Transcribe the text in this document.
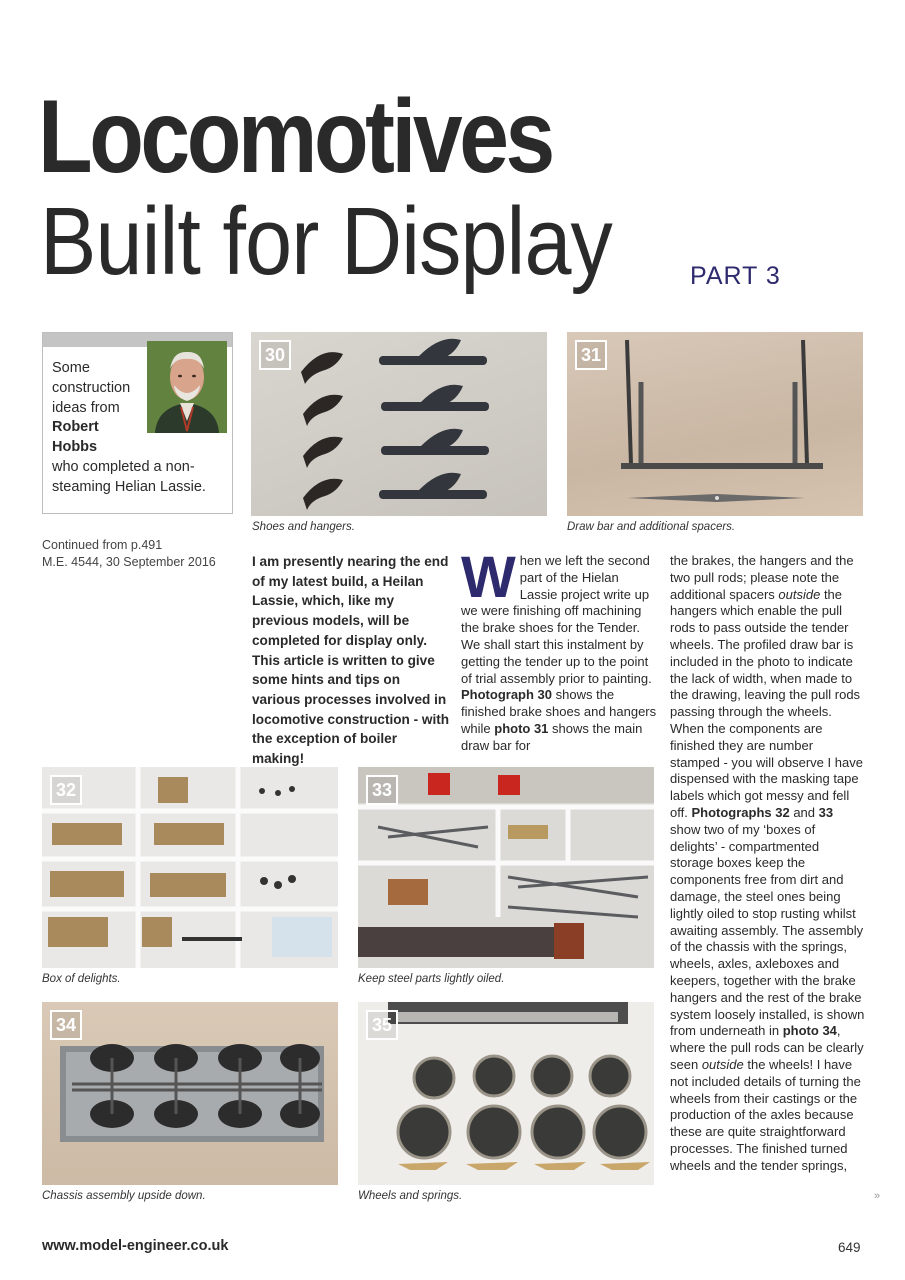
Locomotives
Built for Display	PART 3
Some
construction
ideas from
Robert
Hobbs
who completed a non-
steaming Helian Lassie.
Continued from p.491
M.E. 4544, 30 September 2016
30
Shoes and hangers.
31
Draw bar and additional spacers.
32
Box of delights.
33
Keep steel parts lightly oiled.
34
Chassis assembly upside down.
35
Wheels and springs.
I am presently nearing the end of my latest build, a Heilan Lassie, which, like my previous models, will be completed for display only. This article is written to give some hints and tips on various processes involved in locomotive construction - with the exception of boiler making!
When we left the second part of the Hielan Lassie project write up we were finishing off machining the brake shoes for the Tender. We shall start this instalment by getting the tender up to the point of trial assembly prior to painting. Photograph 30 shows the finished brake shoes and hangers while photo 31 shows the main draw bar for
the brakes, the hangers and the two pull rods; please note the additional spacers outside the hangers which enable the pull rods to pass outside the tender wheels. The profiled draw bar is included in the photo to indicate the lack of width, when made to the drawing, leaving the pull rods passing through the wheels. When the components are finished they are number stamped - you will observe I have dispensed with the masking tape labels which got messy and fell off. Photographs 32 and 33 show two of my ‘boxes of delights’ - compartmented storage boxes keep the components free from dirt and damage, the steel ones being lightly oiled to stop rusting whilst awaiting assembly. The assembly of the chassis with the springs, wheels, axles, axleboxes and keepers, together with the brake hangers and the rest of the brake system loosely installed, is shown from underneath in photo 34, where the pull rods can be clearly seen outside the wheels! I have not included details of turning the wheels from their castings or the production of the axles because these are quite straightforward processes. The finished turned wheels and the tender springs,
»
www.model-engineer.co.uk	649
